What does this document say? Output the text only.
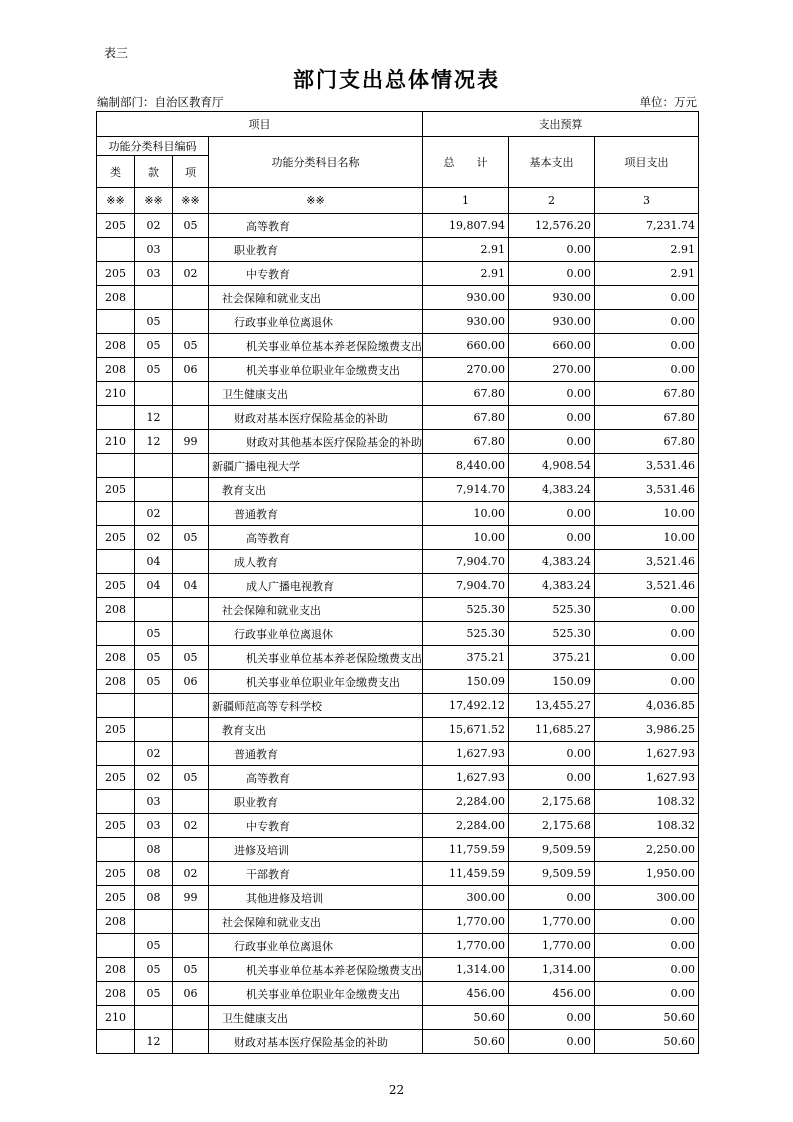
表三
部门支出总体情况表
编制部门：自治区教育厅	单位：万元
项目				支出预算		
功能分类科目编码			功能分类科目名称	总　　计	基本支出	项目支出
类	款	项				
※※	※※	※※	※※	1	2	3
205	02	05	高等教育	19,807.94	12,576.20	7,231.74
	03		职业教育	2.91	0.00	2.91
205	03	02	中专教育	2.91	0.00	2.91
208			社会保障和就业支出	930.00	930.00	0.00
	05		行政事业单位离退休	930.00	930.00	0.00
208	05	05	机关事业单位基本养老保险缴费支出	660.00	660.00	0.00
208	05	06	机关事业单位职业年金缴费支出	270.00	270.00	0.00
210			卫生健康支出	67.80	0.00	67.80
	12		财政对基本医疗保险基金的补助	67.80	0.00	67.80
210	12	99	财政对其他基本医疗保险基金的补助	67.80	0.00	67.80
			新疆广播电视大学	8,440.00	4,908.54	3,531.46
205			教育支出	7,914.70	4,383.24	3,531.46
	02		普通教育	10.00	0.00	10.00
205	02	05	高等教育	10.00	0.00	10.00
	04		成人教育	7,904.70	4,383.24	3,521.46
205	04	04	成人广播电视教育	7,904.70	4,383.24	3,521.46
208			社会保障和就业支出	525.30	525.30	0.00
	05		行政事业单位离退休	525.30	525.30	0.00
208	05	05	机关事业单位基本养老保险缴费支出	375.21	375.21	0.00
208	05	06	机关事业单位职业年金缴费支出	150.09	150.09	0.00
			新疆师范高等专科学校	17,492.12	13,455.27	4,036.85
205			教育支出	15,671.52	11,685.27	3,986.25
	02		普通教育	1,627.93	0.00	1,627.93
205	02	05	高等教育	1,627.93	0.00	1,627.93
	03		职业教育	2,284.00	2,175.68	108.32
205	03	02	中专教育	2,284.00	2,175.68	108.32
	08		进修及培训	11,759.59	9,509.59	2,250.00
205	08	02	干部教育	11,459.59	9,509.59	1,950.00
205	08	99	其他进修及培训	300.00	0.00	300.00
208			社会保障和就业支出	1,770.00	1,770.00	0.00
	05		行政事业单位离退休	1,770.00	1,770.00	0.00
208	05	05	机关事业单位基本养老保险缴费支出	1,314.00	1,314.00	0.00
208	05	06	机关事业单位职业年金缴费支出	456.00	456.00	0.00
210			卫生健康支出	50.60	0.00	50.60
	12		财政对基本医疗保险基金的补助	50.60	0.00	50.60
22
